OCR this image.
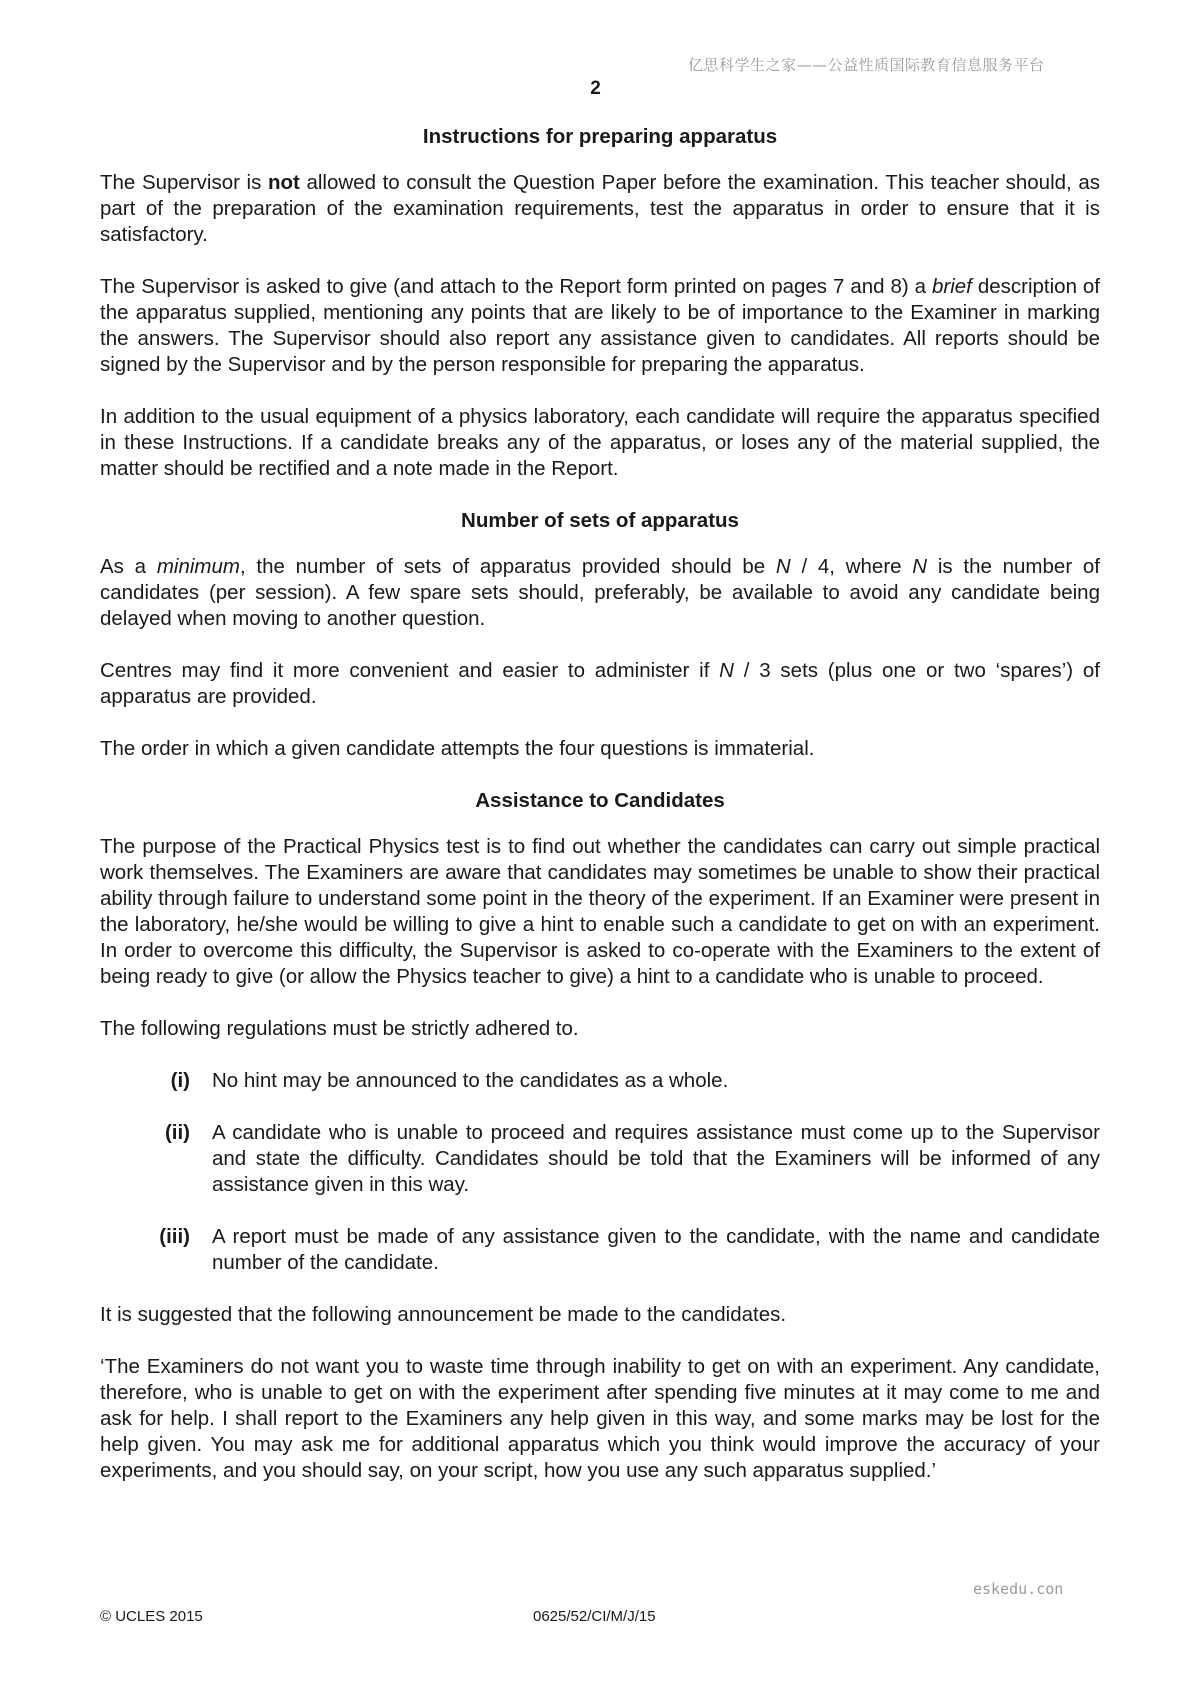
亿思科学生之家——公益性质国际教育信息服务平台
2
Instructions for preparing apparatus

The Supervisor is not allowed to consult the Question Paper before the examination. This teacher should, as part of the preparation of the examination requirements, test the apparatus in order to ensure that it is satisfactory.

The Supervisor is asked to give (and attach to the Report form printed on pages 7 and 8) a brief description of the apparatus supplied, mentioning any points that are likely to be of importance to the Examiner in marking the answers. The Supervisor should also report any assistance given to candidates. All reports should be signed by the Supervisor and by the person responsible for preparing the apparatus.

In addition to the usual equipment of a physics laboratory, each candidate will require the apparatus specified in these Instructions. If a candidate breaks any of the apparatus, or loses any of the material supplied, the matter should be rectified and a note made in the Report.

Number of sets of apparatus

As a minimum, the number of sets of apparatus provided should be N / 4, where N is the number of candidates (per session). A few spare sets should, preferably, be available to avoid any candidate being delayed when moving to another question.

Centres may find it more convenient and easier to administer if N / 3 sets (plus one or two ‘spares’) of apparatus are provided.

The order in which a given candidate attempts the four questions is immaterial.

Assistance to Candidates

The purpose of the Practical Physics test is to find out whether the candidates can carry out simple practical work themselves. The Examiners are aware that candidates may sometimes be unable to show their practical ability through failure to understand some point in the theory of the experiment. If an Examiner were present in the laboratory, he/she would be willing to give a hint to enable such a candidate to get on with an experiment. In order to overcome this difficulty, the Supervisor is asked to co-operate with the Examiners to the extent of being ready to give (or allow the Physics teacher to give) a hint to a candidate who is unable to proceed.

The following regulations must be strictly adhered to.

(i)	No hint may be announced to the candidates as a whole.
(ii)	A candidate who is unable to proceed and requires assistance must come up to the Supervisor and state the difficulty. Candidates should be told that the Examiners will be informed of any assistance given in this way.
(iii)	A report must be made of any assistance given to the candidate, with the name and candidate number of the candidate.

It is suggested that the following announcement be made to the candidates.

‘The Examiners do not want you to waste time through inability to get on with an experiment. Any candidate, therefore, who is unable to get on with the experiment after spending five minutes at it may come to me and ask for help. I shall report to the Examiners any help given in this way, and some marks may be lost for the help given. You may ask me for additional apparatus which you think would improve the accuracy of your experiments, and you should say, on your script, how you use any such apparatus supplied.’

eskedu.con
© UCLES 2015	0625/52/CI/M/J/15
